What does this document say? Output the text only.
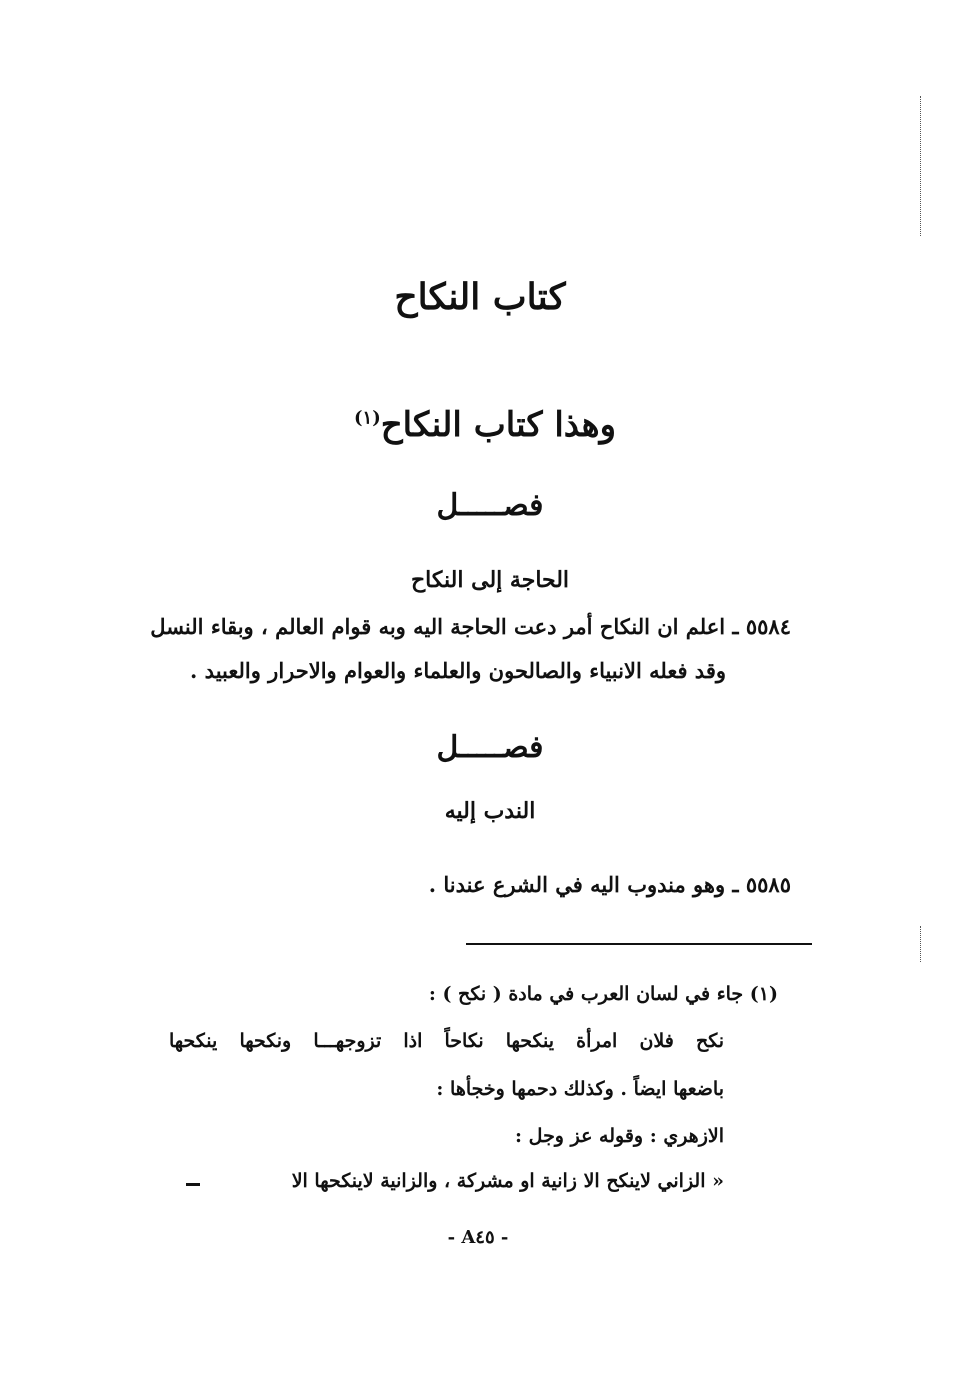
كتاب النكاح
وهذا كتاب النكاح$^{(١)}$
فصـــــل
الحاجة إلى النكاح
٥٥٨٤ ـ اعلم ان النكاح أمر دعت الحاجة اليه وبه قوام العالم ، وبقاء النسل
وقد فعله الانبياء والصالحون والعلماء والعوام والاحرار والعبيد .
فصـــــل
الندب إليه
٥٥٨٥ ـ وهو مندوب اليه في الشرع عندنا .
(١) جاء في لسان العرب في مادة ( نكح ) :
نكح فلان امرأة ينكحها نكاحاً اذا تزوجهـــا ونكحها ينكحها
باضعها ايضاً . وكذلك دحمها وخجأها :
الازهري : وقوله عز وجل :
« الزاني لاينكح الا زانية او مشركة ، والزانية لاينكحها الا
- A٤٥ -
